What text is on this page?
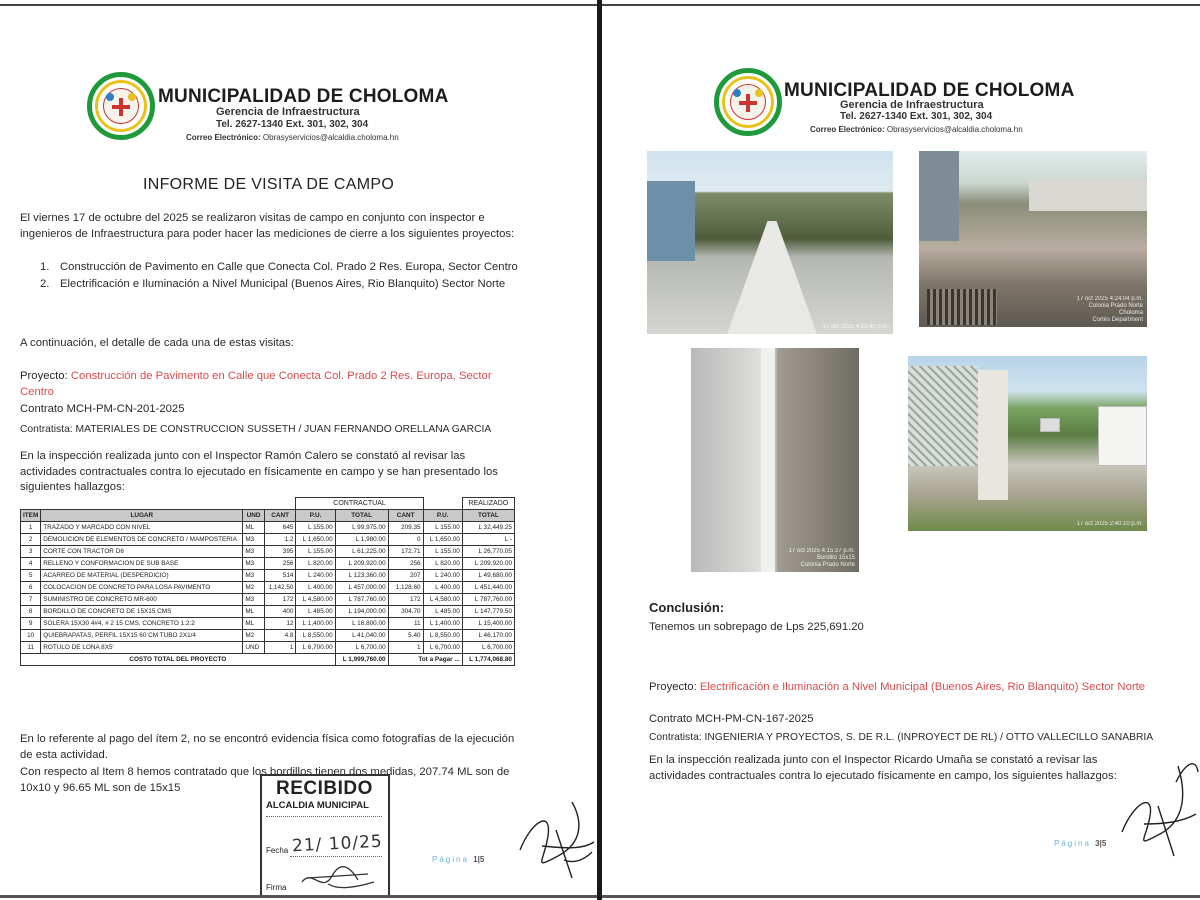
MUNICIPALIDAD DE CHOLOMA
Gerencia de Infraestructura
Tel. 2627-1340 Ext. 301, 302, 304
Correo Electrónico: Obrasyservicios@alcaldia.choloma.hn
INFORME DE VISITA DE CAMPO
El viernes 17 de octubre del 2025 se realizaron visitas de campo en conjunto con inspector e ingenieros de Infraestructura para poder hacer las mediciones de cierre a los siguientes proyectos:
1. Construcción de Pavimento en Calle que Conecta Col. Prado 2 Res. Europa, Sector Centro
2. Electrificación e Iluminación a Nivel Municipal (Buenos Aires, Rio Blanquito) Sector Norte
A continuación, el detalle de cada una de estas visitas:
Proyecto: Construcción de Pavimento en Calle que Conecta Col. Prado 2 Res. Europa, Sector Centro
Contrato MCH-PM-CN-201-2025
Contratista: MATERIALES DE CONSTRUCCION SUSSETH / JUAN FERNANDO ORELLANA GARCIA
En la inspección realizada junto con el Inspector Ramón Calero se constató al revisar las actividades contractuales contra lo ejecutado en físicamente en campo y se han presentado los siguientes hallazgos:
				CONTRACTUAL				REALIZADO
ITEM	LUGAR	UND	CANT	P.U.	TOTAL	CANT	P.U.	TOTAL
1	TRAZADO Y MARCADO CON NIVEL	ML	645	L 155.00	L 99,975.00	209.35	L 155.00	L 32,449.25
2	DEMOLICION DE ELEMENTOS DE CONCRETO / MAMPOSTERIA	M3	1.2	L 1,650.00	L 1,980.00	0	L 1,650.00	L -
3	CORTE CON TRACTOR D6	M3	395	L 155.00	L 61,225.00	172.71	L 155.00	L 26,770.05
4	RELLENO Y CONFORMACION DE SUB BASE	M3	256	L 820.00	L 209,920.00	256	L 820.00	L 209,920.00
5	ACARREO DE MATERIAL (DESPERDICIO)	M3	514	L 240.00	L 123,360.00	207	L 240.00	L 49,680.00
6	COLOCACION DE CONCRETO PARA LOSA PAVIMENTO	M2	1,142.50	L 400.00	L 457,000.00	1,128.60	L 400.00	L 451,440.00
7	SUMINISTRO DE CONCRETO MR-600	M3	172	L 4,580.00	L 787,760.00	172	L 4,580.00	L 787,760.00
8	BORDILLO DE CONCRETO DE 15X15 CMS	ML	400	L 485.00	L 194,000.00	304.70	L 485.00	L 147,779.50
9	SOLERA 15X30 4#4, # 2 15 CMS, CONCRETO 1:2:2	ML	12	L 1,400.00	L 16,800.00	11	L 1,400.00	L 15,400.00
10	QUIEBRAPATAS, PERFIL 15X15 60 CM TUBO 2X1/4	M2	4.8	L 8,550.00	L 41,040.00	5.40	L 8,550.00	L 46,170.00
11	ROTULO DE LONA 8X5'	UND	1	L 6,700.00	L 6,700.00	1	L 6,700.00	L 6,700.00
COSTO TOTAL DEL PROYECTO					L 1,999,760.00	Tot a Pagar ...		L 1,774,068.80
En lo referente al pago del ítem 2, no se encontró evidencia física como fotografías de la ejecución de esta actividad.
Con respecto al Item 8 hemos contratado que los bordillos tienen dos medidas, 207.74 ML son de 10x10 y 96.65 ML son de 15x15	RECIBIDO
ALCALDIA MUNICIPAL
Fecha 21/ 10/25
Firma
Página 1|5
MUNICIPALIDAD DE CHOLOMA
Gerencia de Infraestructura
Tel. 2627-1340 Ext. 301, 302, 304
Correo Electrónico: Obrasyservicios@alcaldia.choloma.hn
17 oct 2025 4:23:40 p.m.
17 oct 2025 4:24:04 p.m.
Colonia Prado Norte
Choloma
Cortés Department
17 oct 2025 4:15:27 p.m.
Bordillo 15x15
Colonia Prado Norte
17 oct 2025 2:40:10 p.m.
Conclusión:
Tenemos un sobrepago de Lps 225,691.20
Proyecto: Electrificación e Iluminación a Nivel Municipal (Buenos Aires, Rio Blanquito) Sector Norte
Contrato MCH-PM-CN-167-2025
Contratista: INGENIERIA Y PROYECTOS, S. DE R.L. (INPROYECT DE RL) / OTTO VALLECILLO SANABRIA
En la inspección realizada junto con el Inspector Ricardo Umaña se constató a revisar las actividades contractuales contra lo ejecutado físicamente en campo, los siguientes hallazgos:
Página 3|5
